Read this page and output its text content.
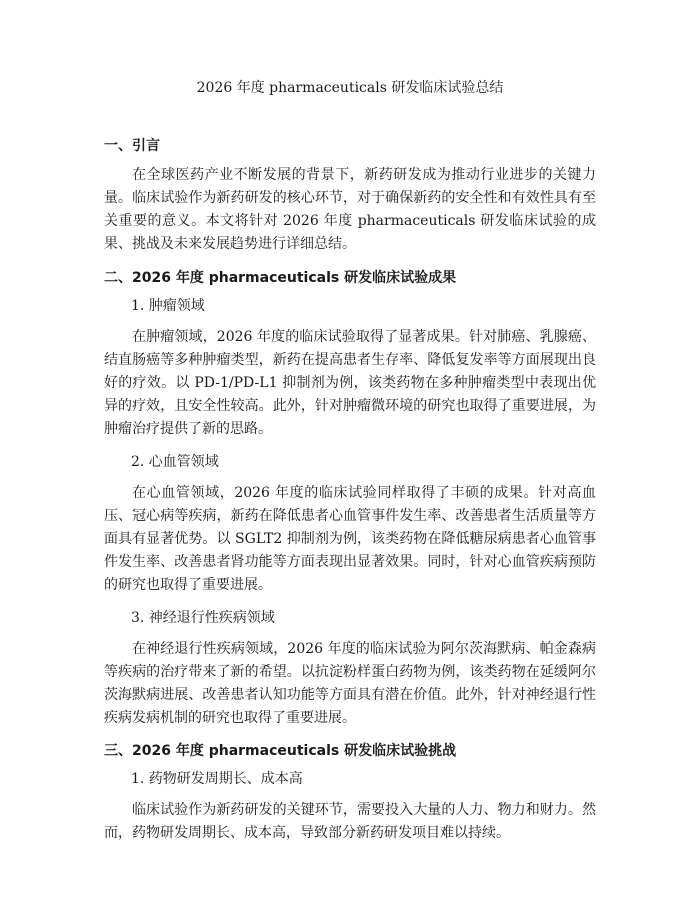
2026 年度 pharmaceuticals 研发临床试验总结
一、引言

在全球医药产业不断发展的背景下，新药研发成为推动行业进步的关键力量。临床试验作为新药研发的核心环节，对于确保新药的安全性和有效性具有至关重要的意义。本文将针对 2026 年度 pharmaceuticals 研发临床试验的成果、挑战及未来发展趋势进行详细总结。

二、2026 年度 pharmaceuticals 研发临床试验成果
1. 肿瘤领域

在肿瘤领域，2026 年度的临床试验取得了显著成果。针对肺癌、乳腺癌、结直肠癌等多种肿瘤类型，新药在提高患者生存率、降低复发率等方面展现出良好的疗效。以 PD-1/PD-L1 抑制剂为例，该类药物在多种肿瘤类型中表现出优异的疗效，且安全性较高。此外，针对肿瘤微环境的研究也取得了重要进展，为肿瘤治疗提供了新的思路。

2. 心血管领域

在心血管领域，2026 年度的临床试验同样取得了丰硕的成果。针对高血压、冠心病等疾病，新药在降低患者心血管事件发生率、改善患者生活质量等方面具有显著优势。以 SGLT2 抑制剂为例，该类药物在降低糖尿病患者心血管事件发生率、改善患者肾功能等方面表现出显著效果。同时，针对心血管疾病预防的研究也取得了重要进展。

3. 神经退行性疾病领域

在神经退行性疾病领域，2026 年度的临床试验为阿尔茨海默病、帕金森病等疾病的治疗带来了新的希望。以抗淀粉样蛋白药物为例，该类药物在延缓阿尔茨海默病进展、改善患者认知功能等方面具有潜在价值。此外，针对神经退行性疾病发病机制的研究也取得了重要进展。

三、2026 年度 pharmaceuticals 研发临床试验挑战
1. 药物研发周期长、成本高

临床试验作为新药研发的关键环节，需要投入大量的人力、物力和财力。然而，药物研发周期长、成本高，导致部分新药研发项目难以持续。
